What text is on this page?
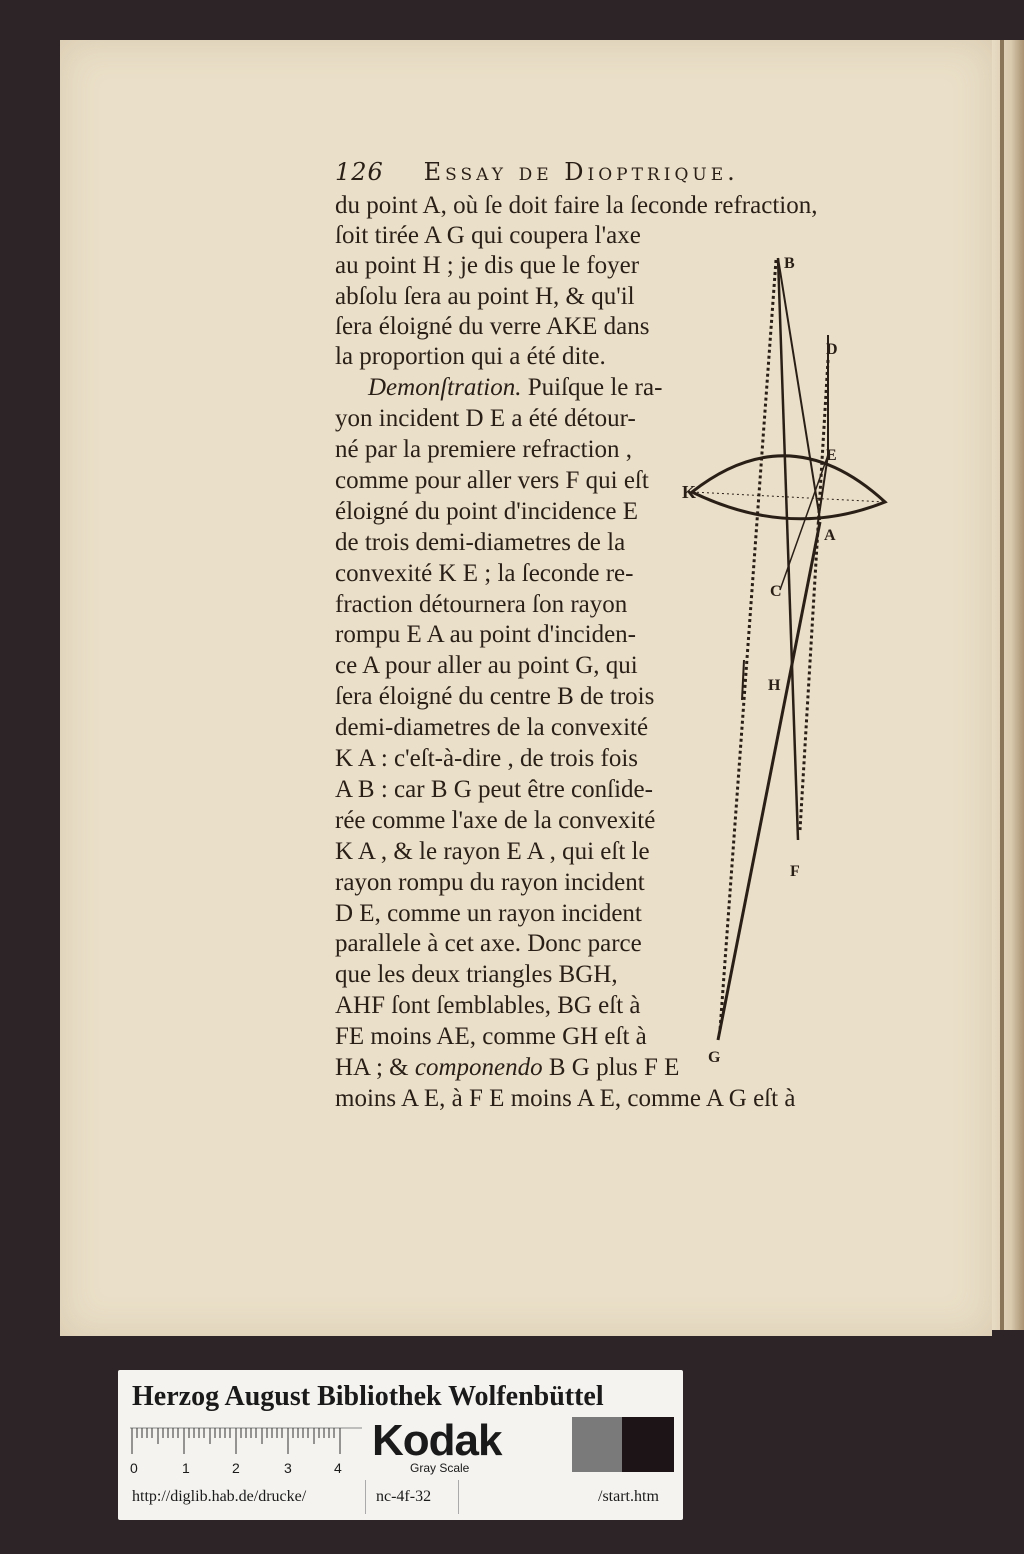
126 Essay de Dioptrique.
du point A, où ſe doit faire la ſeconde refraction,
ſoit tirée A G qui coupera l'axe
au point H ; je dis que le foyer
abſolu ſera au point H, & qu'il
ſera éloigné du verre AKE dans
la proportion qui a été dite.
Demonſtration. Puiſque le ra-
yon incident D E a été détour-
né par la premiere refraction ,
comme pour aller vers F qui eſt
éloigné du point d'incidence E
de trois demi-diametres de la
convexité K E ; la ſeconde re-
fraction détournera ſon rayon
rompu E A au point d'inciden-
ce A pour aller au point G, qui
ſera éloigné du centre B de trois
demi-diametres de la convexité
K A : c'eſt-à-dire , de trois fois
A B : car B G peut être conſide-
rée comme l'axe de la convexité
K A , & le rayon E A , qui eſt le
rayon rompu du rayon incident
D E, comme un rayon incident
parallele à cet axe. Donc parce
que les deux triangles BGH,
AHF ſont ſemblables, BG eſt à
FE moins AE, comme GH eſt à
HA ; & componendo B G plus F E
moins A E, à F E moins A E, comme A G eſt à
B
D
E
K
A
C
H
F
G
Herzog August Bibliothek Wolfenbüttel
0	1	2	3	4
Kodak
Gray Scale
http://diglib.hab.de/drucke/	nc-4f-32	/start.htm
